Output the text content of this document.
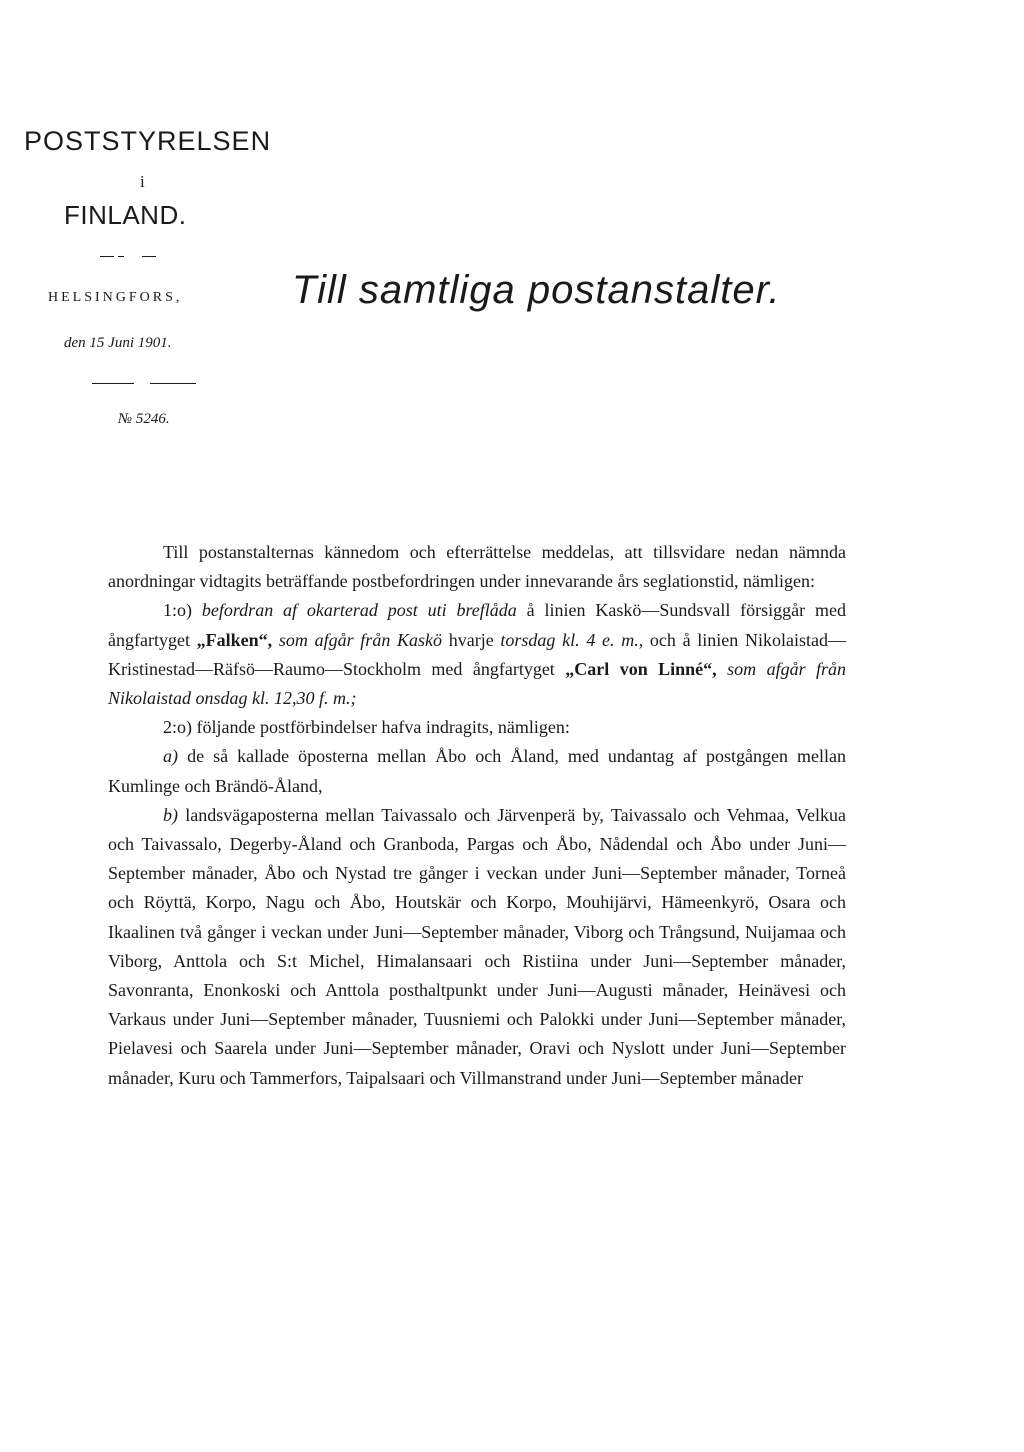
POSTSTYRELSEN
i
FINLAND.
HELSINGFORS,
den 15 Juni 1901.
№ 5246.
Till samtliga postanstalter.

Till postanstalternas kännedom och efterrättelse meddelas, att tillsvidare nedan nämnda anordningar vidtagits beträffande postbefordringen under innevarande års seglationstid, nämligen:

1:o) befordran af okarterad post uti breflåda å linien Kaskö—Sundsvall försiggår med ångfartyget „Falken“, som afgår från Kaskö hvarje torsdag kl. 4 e. m., och å linien Nikolaistad—Kristinestad—Räfsö—Raumo—Stockholm med ångfartyget „Carl von Linné“, som afgår från Nikolaistad onsdag kl. 12,30 f. m.;

2:o) följande postförbindelser hafva indragits, nämligen:

a) de så kallade öposterna mellan Åbo och Åland, med undantag af postgången mellan Kumlinge och Brändö-Åland,

b) landsvägaposterna mellan Taivassalo och Järvenperä by, Taivassalo och Vehmaa, Velkua och Taivassalo, Degerby-Åland och Granboda, Pargas och Åbo, Nådendal och Åbo under Juni—September månader, Åbo och Nystad tre gånger i veckan under Juni—September månader, Torneå och Röyttä, Korpo, Nagu och Åbo, Houtskär och Korpo, Mouhijärvi, Hämeenkyrö, Osara och Ikaalinen två gånger i veckan under Juni—September månader, Viborg och Trångsund, Nuijamaa och Viborg, Anttola och S:t Michel, Himalansaari och Ristiina under Juni—September månader, Savonranta, Enonkoski och Anttola posthaltpunkt under Juni—Augusti månader, Heinävesi och Varkaus under Juni—September månader, Tuusniemi och Palokki under Juni—September månader, Pielavesi och Saarela under Juni—September månader, Oravi och Nyslott under Juni—September månader, Kuru och Tammerfors, Taipalsaari och Villmanstrand under Juni—September månader
